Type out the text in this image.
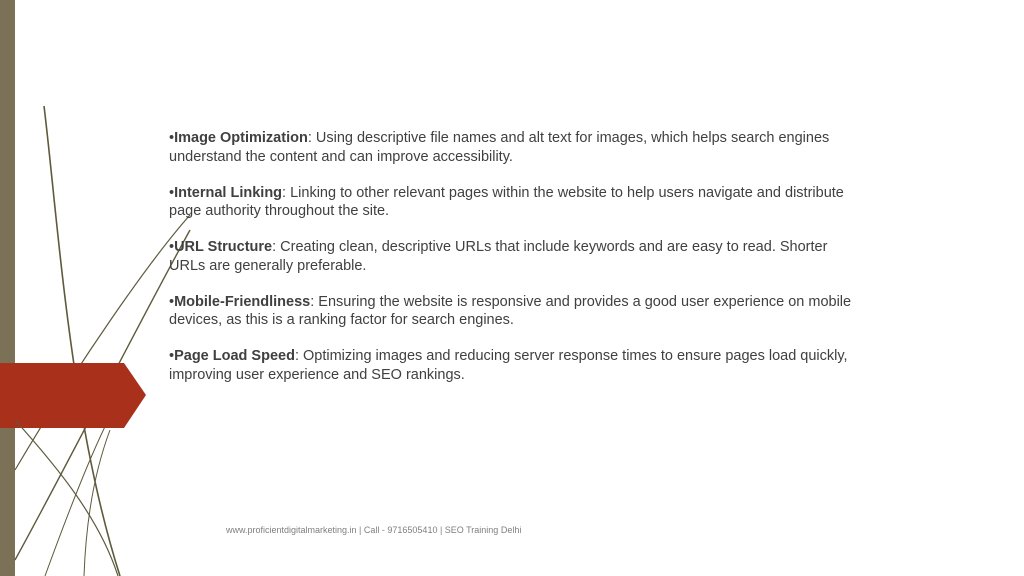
•Image Optimization: Using descriptive file names and alt text for images, which helps search engines understand the content and can improve accessibility.

•Internal Linking: Linking to other relevant pages within the website to help users navigate and distribute page authority throughout the site.

•URL Structure: Creating clean, descriptive URLs that include keywords and are easy to read. Shorter URLs are generally preferable.

•Mobile-Friendliness: Ensuring the website is responsive and provides a good user experience on mobile devices, as this is a ranking factor for search engines.

•Page Load Speed: Optimizing images and reducing server response times to ensure pages load quickly, improving user experience and SEO rankings.

www.proficientdigitalmarketing.in | Call - 9716505410 | SEO Training Delhi
